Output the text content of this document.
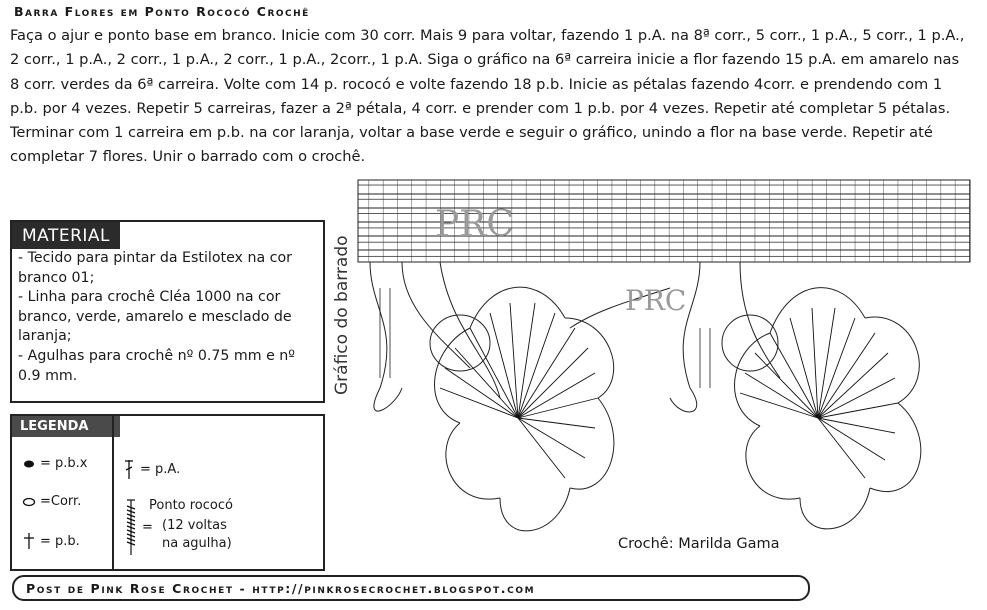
Barra Flores em Ponto Rococó Crochê

Faça o ajur e ponto base em branco. Inicie com 30 corr. Mais 9 para voltar, fazendo 1 p.A. na 8ª corr., 5 corr., 1 p.A., 5 corr., 1 p.A., 2 corr., 1 p.A., 2 corr., 1 p.A., 2 corr., 1 p.A., 2corr., 1 p.A. Siga o gráfico na 6ª carreira inicie a flor fazendo 15 p.A. em amarelo nas 8 corr. verdes da 6ª carreira. Volte com 14 p. rococó e volte fazendo 18 p.b. Inicie as pétalas fazendo 4corr. e prendendo com 1 p.b. por 4 vezes. Repetir 5 carreiras, fazer a 2ª pétala, 4 corr. e prender com 1 p.b. por 4 vezes. Repetir até completar 5 pétalas. Terminar com 1 carreira em p.b. na cor laranja, voltar a base verde e seguir o gráfico, unindo a flor na base verde. Repetir até completar 7 flores. Unir o barrado com o crochê.

MATERIAL
- Tecido para pintar da Estilotex na cor branco 01;
- Linha para crochê Cléa 1000 na cor branco, verde, amarelo e mesclado de laranja;
- Agulhas para crochê nº 0.75 mm e nº 0.9 mm.
LEGENDA
= p.b.x
=Corr.
= p.b.
= p.A.
=
Ponto rococó
(12 voltas
na agulha)
Gráfico do barrado
PRC
PRC
Crochê: Marilda Gama
Post de Pink Rose Crochet - http://pinkrosecrochet.blogspot.com
